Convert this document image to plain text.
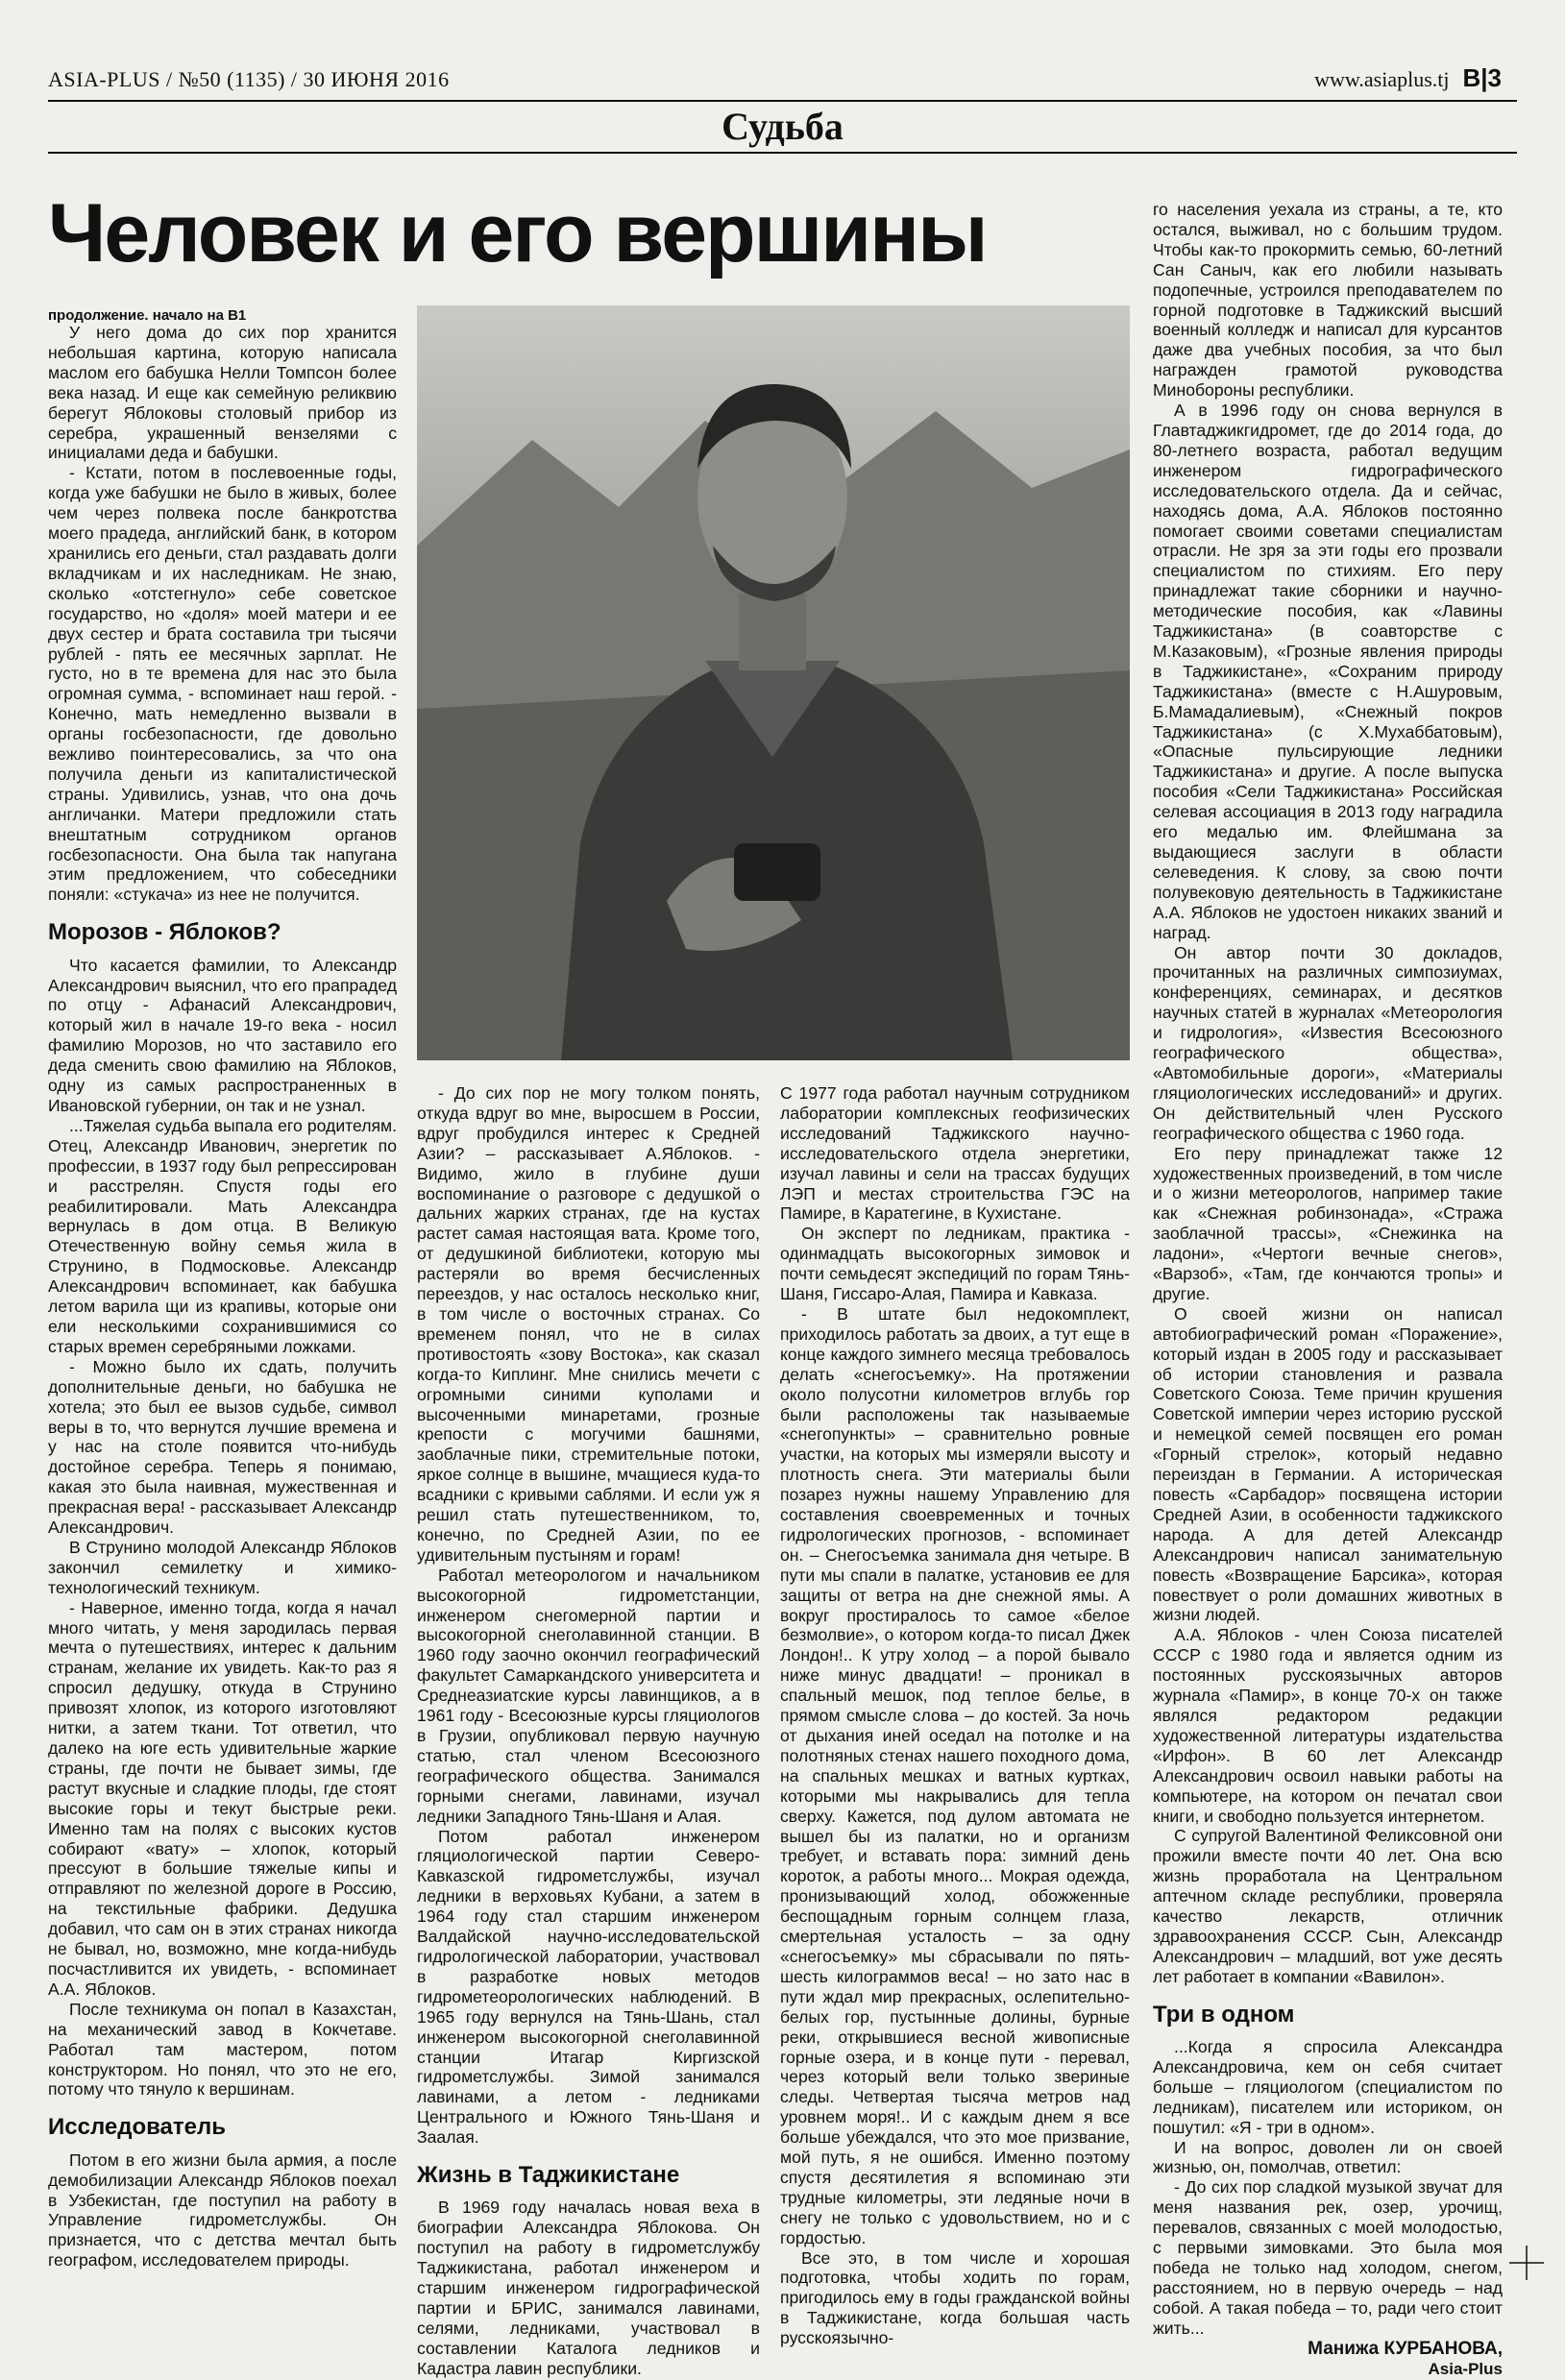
ASIA-PLUS / №50 (1135) / 30 ИЮНЯ 2016	www.asiaplus.tj B|3
Судьба
Человек и его вершины
продолжение. начало на В1

У него дома до сих пор хранится небольшая картина, которую написала маслом его бабушка Нелли Томпсон более века назад. И еще как семейную реликвию берегут Яблоковы столовый прибор из серебра, украшенный вензелями с инициалами деда и бабушки.

- Кстати, потом в послевоенные годы, когда уже бабушки не было в живых, более чем через полвека после банкротства моего прадеда, английский банк, в котором хранились его деньги, стал раздавать долги вкладчикам и их наследникам. Не знаю, сколько «отстегнуло» себе советское государство, но «доля» моей матери и ее двух сестер и брата составила три тысячи рублей - пять ее месячных зарплат. Не густо, но в те времена для нас это была огромная сумма, - вспоминает наш герой. - Конечно, мать немедленно вызвали в органы госбезопасности, где довольно вежливо поинтересовались, за что она получила деньги из капиталистической страны. Удивились, узнав, что она дочь англичанки. Матери предложили стать внештатным сотрудником органов госбезопасности. Она была так напугана этим предложением, что собеседники поняли: «стукача» из нее не получится.

Морозов - Яблоков?

Что касается фамилии, то Александр Александрович выяснил, что его прапрадед по отцу - Афанасий Александрович, который жил в начале 19-го века - носил фамилию Морозов, но что заставило его деда сменить свою фамилию на Яблоков, одну из самых распространенных в Ивановской губернии, он так и не узнал.

...Тяжелая судьба выпала его родителям. Отец, Александр Иванович, энергетик по профессии, в 1937 году был репрессирован и расстрелян. Спустя годы его реабилитировали. Мать Александра вернулась в дом отца. В Великую Отечественную войну семья жила в Струнино, в Подмосковье. Александр Александрович вспоминает, как бабушка летом варила щи из крапивы, которые они ели несколькими сохранившимися со старых времен серебряными ложками.

- Можно было их сдать, получить дополнительные деньги, но бабушка не хотела; это был ее вызов судьбе, символ веры в то, что вернутся лучшие времена и у нас на столе появится что-нибудь достойное серебра. Теперь я понимаю, какая это была наивная, мужественная и прекрасная вера! - рассказывает Александр Александрович.

В Струнино молодой Александр Яблоков закончил семилетку и химико-технологический техникум.

- Наверное, именно тогда, когда я начал много читать, у меня зародилась первая мечта о путешествиях, интерес к дальним странам, желание их увидеть. Как-то раз я спросил дедушку, откуда в Струнино привозят хлопок, из которого изготовляют нитки, а затем ткани. Тот ответил, что далеко на юге есть удивительные жаркие страны, где почти не бывает зимы, где растут вкусные и сладкие плоды, где стоят высокие горы и текут быстрые реки. Именно там на полях с высоких кустов собирают «вату» – хлопок, который прессуют в большие тяжелые кипы и отправляют по железной дороге в Россию, на текстильные фабрики. Дедушка добавил, что сам он в этих странах никогда не бывал, но, возможно, мне когда-нибудь посчастливится их увидеть, - вспоминает А.А. Яблоков.

После техникума он попал в Казахстан, на механический завод в Кокчетаве. Работал там мастером, потом конструктором. Но понял, что это не его, потому что тянуло к вершинам.

Исследователь

Потом в его жизни была армия, а после демобилизации Александр Яблоков поехал в Узбекистан, где поступил на работу в Управление гидрометслужбы. Он признается, что с детства мечтал быть географом, исследователем природы.

- До сих пор не могу толком понять, откуда вдруг во мне, выросшем в России, вдруг пробудился интерес к Средней Азии? – рассказывает А.Яблоков. - Видимо, жило в глубине души воспоминание о разговоре с дедушкой о дальних жарких странах, где на кустах растет самая настоящая вата. Кроме того, от дедушкиной библиотеки, которую мы растеряли во время бесчисленных переездов, у нас осталось несколько книг, в том числе о восточных странах. Со временем понял, что не в силах противостоять «зову Востока», как сказал когда-то Киплинг. Мне снились мечети с огромными синими куполами и высоченными минаретами, грозные крепости с могучими башнями, заоблачные пики, стремительные потоки, яркое солнце в вышине, мчащиеся куда-то всадники с кривыми саблями. И если уж я решил стать путешественником, то, конечно, по Средней Азии, по ее удивительным пустыням и горам!

Работал метеорологом и начальником высокогорной гидрометстанции, инженером снегомерной партии и высокогорной снеголавинной станции. В 1960 году заочно окончил географический факультет Самаркандского университета и Среднеазиатские курсы лавинщиков, а в 1961 году - Всесоюзные курсы гляциологов в Грузии, опубликовал первую научную статью, стал членом Всесоюзного географического общества. Занимался горными снегами, лавинами, изучал ледники Западного Тянь-Шаня и Алая.

Потом работал инженером гляциологической партии Северо-Кавказской гидрометслужбы, изучал ледники в верховьях Кубани, а затем в 1964 году стал старшим инженером Валдайской научно-исследовательской гидрологической лаборатории, участвовал в разработке новых методов гидрометеорологических наблюдений. В 1965 году вернулся на Тянь-Шань, стал инженером высокогорной снеголавинной станции Итагар Киргизской гидрометслужбы. Зимой занимался лавинами, а летом - ледниками Центрального и Южного Тянь-Шаня и Заалая.

Жизнь в Таджикистане

В 1969 году началась новая веха в биографии Александра Яблокова. Он поступил на работу в гидрометслужбу Таджикистана, работал инженером и старшим инженером гидрографической партии и БРИС, занимался лавинами, селями, ледниками, участвовал в составлении Каталога ледников и Кадастра лавин республики.

С 1977 года работал научным сотрудником лаборатории комплексных геофизических исследований Таджикского научно-исследовательского отдела энергетики, изучал лавины и сели на трассах будущих ЛЭП и местах строительства ГЭС на Памире, в Каратегине, в Кухистане.

Он эксперт по ледникам, практика - одинмадцать высокогорных зимовок и почти семьдесят экспедиций по горам Тянь-Шаня, Гиссаро-Алая, Памира и Кавказа.

- В штате был недокомплект, приходилось работать за двоих, а тут еще в конце каждого зимнего месяца требовалось делать «снегосъемку». На протяжении около полусотни километров вглубь гор были расположены так называемые «снегопункты» – сравнительно ровные участки, на которых мы измеряли высоту и плотность снега. Эти материалы были позарез нужны нашему Управлению для составления своевременных и точных гидрологических прогнозов, - вспоминает он. – Снегосъемка занимала дня четыре. В пути мы спали в палатке, установив ее для защиты от ветра на дне снежной ямы. А вокруг простиралось то самое «белое безмолвие», о котором когда-то писал Джек Лондон!.. К утру холод – а порой бывало ниже минус двадцати! – проникал в спальный мешок, под теплое белье, в прямом смысле слова – до костей. За ночь от дыхания иней оседал на потолке и на полотняных стенах нашего походного дома, на спальных мешках и ватных куртках, которыми мы накрывались для тепла сверху. Кажется, под дулом автомата не вышел бы из палатки, но и организм требует, и вставать пора: зимний день короток, а работы много... Мокрая одежда, пронизывающий холод, обожженные беспощадным горным солнцем глаза, смертельная усталость – за одну «снегосъемку» мы сбрасывали по пять-шесть килограммов веса! – но зато нас в пути ждал мир прекрасных, ослепительно-белых гор, пустынные долины, бурные реки, открывшиеся весной живописные горные озера, и в конце пути - перевал, через который вели только звериные следы. Четвертая тысяча метров над уровнем моря!.. И с каждым днем я все больше убеждался, что это мое призвание, мой путь, я не ошибся. Именно поэтому спустя десятилетия я вспоминаю эти трудные километры, эти ледяные ночи в снегу не только с удовольствием, но и с гордостью.

Все это, в том числе и хорошая подготовка, чтобы ходить по горам, пригодилось ему в годы гражданской войны в Таджикистане, когда большая часть русскоязычно-

го населения уехала из страны, а те, кто остался, выживал, но с большим трудом. Чтобы как-то прокормить семью, 60-летний Сан Саныч, как его любили называть подопечные, устроился преподавателем по горной подготовке в Таджикский высший военный колледж и написал для курсантов даже два учебных пособия, за что был награжден грамотой руководства Минобороны республики.

А в 1996 году он снова вернулся в Главтаджикгидромет, где до 2014 года, до 80-летнего возраста, работал ведущим инженером гидрографического исследовательского отдела. Да и сейчас, находясь дома, А.А. Яблоков постоянно помогает своими советами специалистам отрасли. Не зря за эти годы его прозвали специалистом по стихиям. Его перу принадлежат такие сборники и научно-методические пособия, как «Лавины Таджикистана» (в соавторстве с М.Казаковым), «Грозные явления природы в Таджикистане», «Сохраним природу Таджикистана» (вместе с Н.Ашуровым, Б.Мамадалиевым), «Снежный покров Таджикистана» (с Х.Мухаббатовым), «Опасные пульсирующие ледники Таджикистана» и другие. А после выпуска пособия «Сели Таджикистана» Российская селевая ассоциация в 2013 году наградила его медалью им. Флейшмана за выдающиеся заслуги в области селеведения. К слову, за свою почти полувековую деятельность в Таджикистане А.А. Яблоков не удостоен никаких званий и наград.

Он автор почти 30 докладов, прочитанных на различных симпозиумах, конференциях, семинарах, и десятков научных статей в журналах «Метеорология и гидрология», «Известия Всесоюзного географического общества», «Автомобильные дороги», «Материалы гляциологических исследований» и других. Он действительный член Русского географического общества с 1960 года.

Его перу принадлежат также 12 художественных произведений, в том числе и о жизни метеорологов, например такие как «Снежная робинзонада», «Стража заоблачной трассы», «Снежинка на ладони», «Чертоги вечные снегов», «Варзоб», «Там, где кончаются тропы» и другие.

О своей жизни он написал автобиографический роман «Поражение», который издан в 2005 году и рассказывает об истории становления и развала Советского Союза. Теме причин крушения Советской империи через историю русской и немецкой семей посвящен его роман «Горный стрелок», который недавно переиздан в Германии. А историческая повесть «Сарбадор» посвящена истории Средней Азии, в особенности таджикского народа. А для детей Александр Александрович написал занимательную повесть «Возвращение Барсика», которая повествует о роли домашних животных в жизни людей.

А.А. Яблоков - член Союза писателей СССР с 1980 года и является одним из постоянных русскоязычных авторов журнала «Памир», в конце 70-х он также являлся редактором редакции художественной литературы издательства «Ирфон». В 60 лет Александр Александрович освоил навыки работы на компьютере, на котором он печатал свои книги, и свободно пользуется интернетом.

С супругой Валентиной Феликсовной они прожили вместе почти 40 лет. Она всю жизнь проработала на Центральном аптечном складе республики, проверяла качество лекарств, отличник здравоохранения СССР. Сын, Александр Александрович – младший, вот уже десять лет работает в компании «Вавилон».

Три в одном

...Когда я спросила Александра Александровича, кем он себя считает больше – гляциологом (специалистом по ледникам), писателем или историком, он пошутил: «Я - три в одном».

И на вопрос, доволен ли он своей жизнью, он, помолчав, ответил:

- До сих пор сладкой музыкой звучат для меня названия рек, озер, урочищ, перевалов, связанных с моей молодостью, с первыми зимовками. Это была моя победа не только над холодом, снегом, расстоянием, но в первую очередь – над собой. А такая победа – то, ради чего стоит жить...

Манижа КУРБАНОВА,

Asia-Plus
